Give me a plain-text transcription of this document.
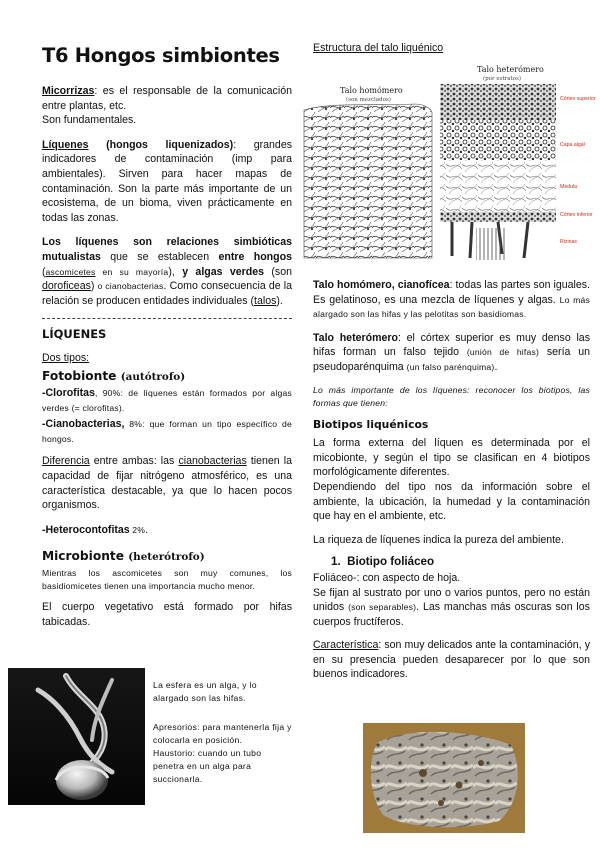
T6 Hongos simbiontes

Micorrizas: es el responsable de la comunicación entre plantas, etc.
Son fundamentales.

Líquenes (hongos liquenizados): grandes indicadores de contaminación (imp para ambientales). Sirven para hacer mapas de contaminación. Son la parte más importante de un ecosistema, de un bioma, viven prácticamente en todas las zonas.

Los líquenes son relaciones simbióticas mutualistas que se establecen entre hongos (ascomicetes en su mayoría), y algas verdes (son doroficeas) o cianobacterias. Como consecuencia de la relación se producen entidades individuales (talos).

LÍQUENES
Dos tipos:
Fotobionte (autótrofo)

-Clorofitas, 90%: de líquenes están formados por algas verdes (= clorofitas).

-Cianobacterias, 8%: que forman un tipo específico de hongos.

Diferencia entre ambas: las cianobacterias tienen la capacidad de fijar nitrógeno atmosférico, es una característica destacable, ya que lo hacen pocos organismos.

-Heterocontofitas 2%.

Microbionte (heterótrofo)

Mientras los ascomicetes son muy comunes, los basidiomicetes tienen una importancia mucho menor.

El cuerpo vegetativo está formado por hifas tabicadas.

La esfera es un alga, y lo alargado son las hifas.
Apresorios: para mantenerla fija y colocarla en posición.
Haustorio: cuando un tubo penetra en un alga para succionarla.
Estructura del talo liquénico
Talo homómero
(son mezclados)
Talo heterómero
(por estratos)
Córtex superior
Capa algal
Médula
Córtex inferior
Rizinas

Talo homómero, cianofícea: todas las partes son iguales. Es gelatinoso, es una mezcla de líquenes y algas. Lo más alargado son las hifas y las pelotitas son basidiomas.

Talo heterómero: el córtex superior es muy denso las hifas forman un falso tejido (unión de hifas) sería un pseudoparénquima (un falso parénquima).

Lo más importante de los líquenes: reconocer los biotipos, las formas que tienen:

Biotipos liquénicos

La forma externa del líquen es determinada por el micobionte, y según el tipo se clasifican en 4 biotipos morfológicamente diferentes.

Dependiendo del tipo nos da información sobre el ambiente, la ubicación, la humedad y la contaminación que hay en el ambiente, etc.

La riqueza de líquenes indica la pureza del ambiente.

1. Biotipo foliáceo

Foliáceo-: con aspecto de hoja.

Se fijan al sustrato por uno o varios puntos, pero no están unidos (son separables). Las manchas más oscuras son los cuerpos fructíferos.

Característica: son muy delicados ante la contaminación, y en su presencia pueden desaparecer por lo que son buenos indicadores.
